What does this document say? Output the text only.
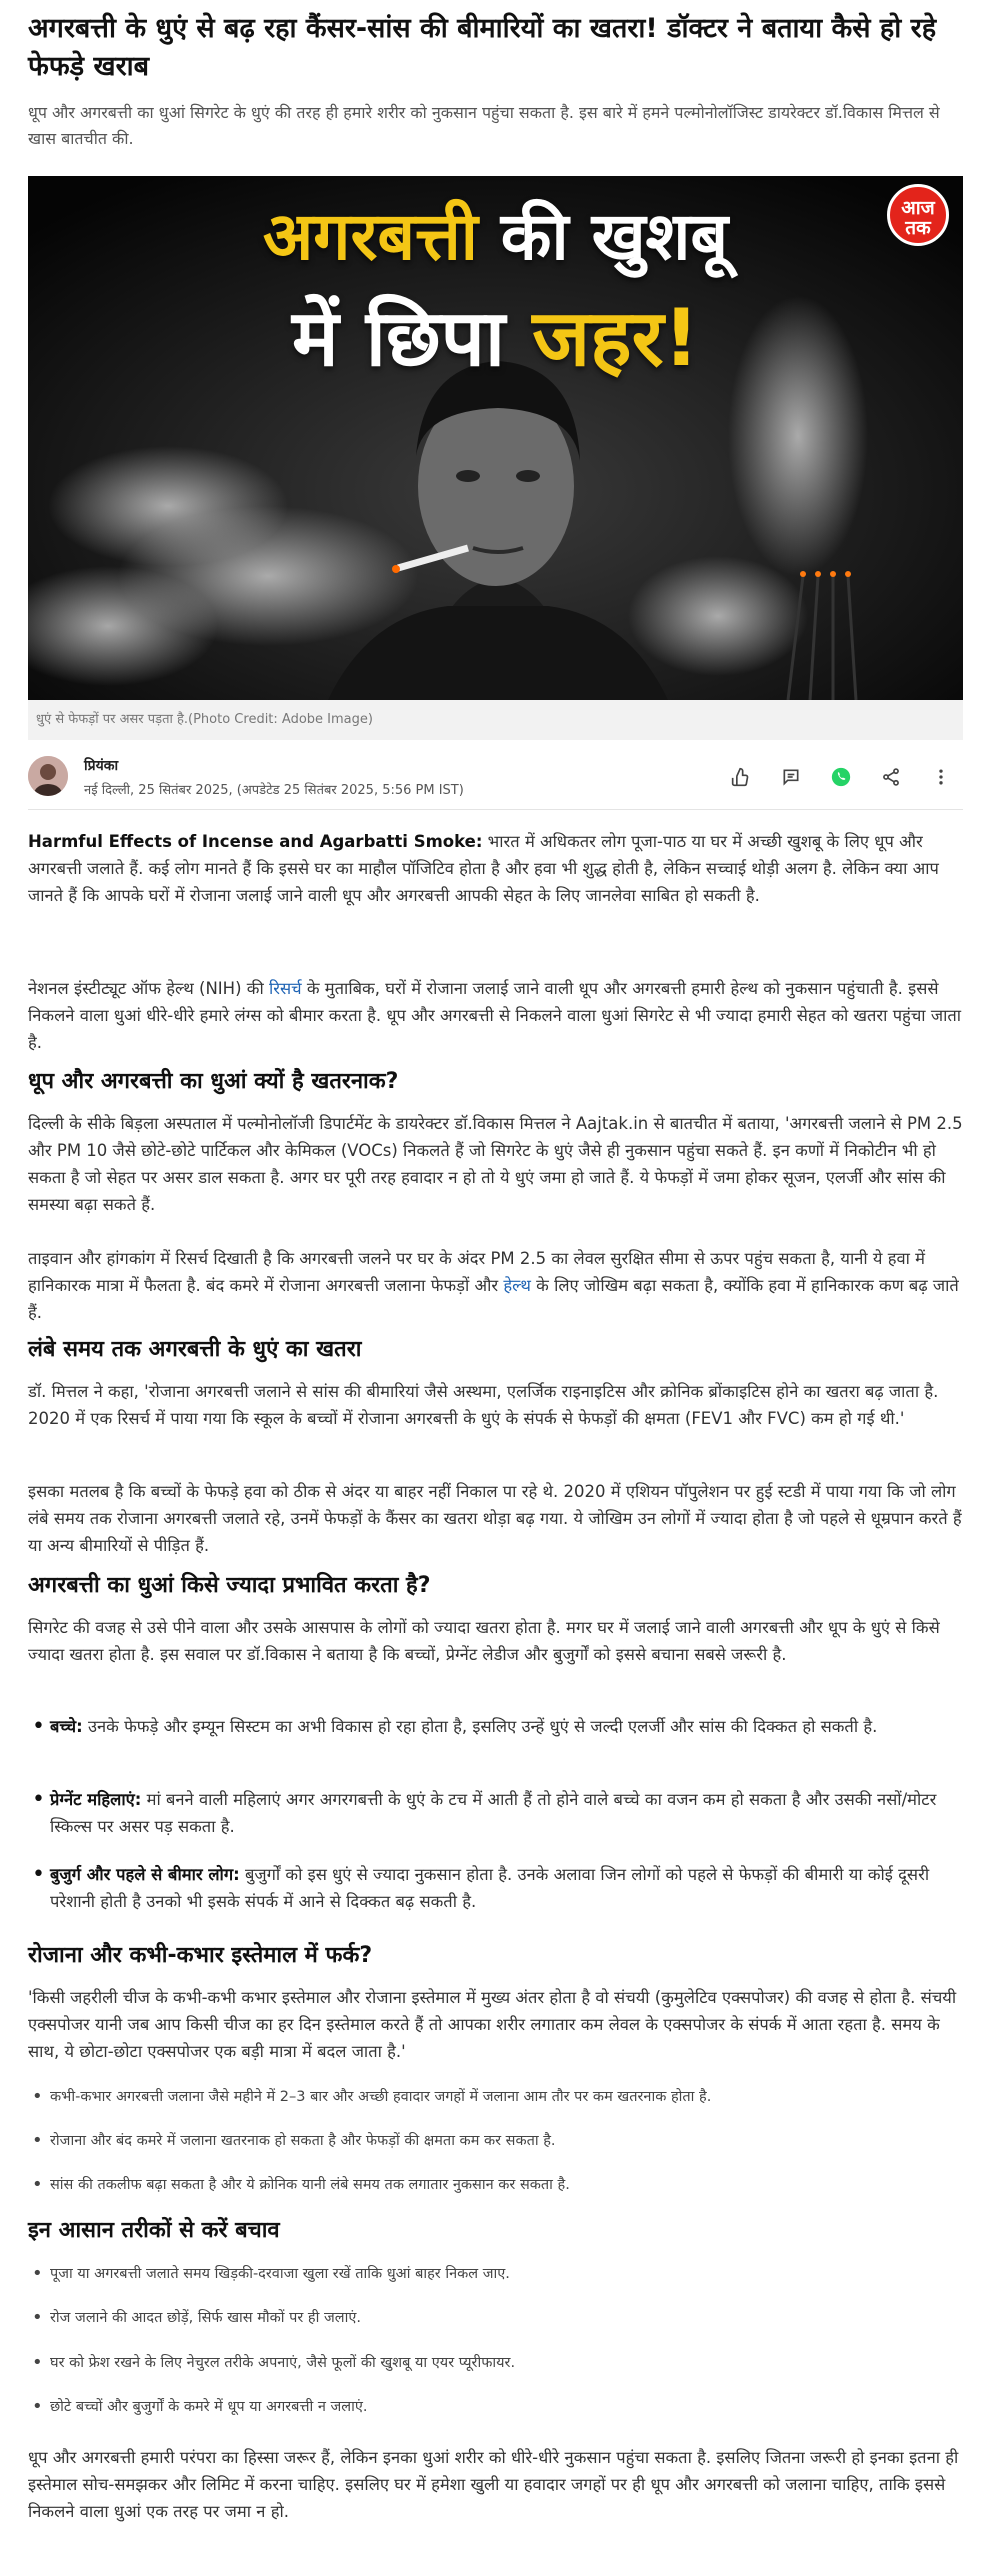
अगरबत्ती के धुएं से बढ़ रहा कैंसर-सांस की बीमारियों का खतरा! डॉक्टर ने बताया कैसे हो रहे फेफड़े खराब

धूप और अगरबत्ती का धुआं सिगरेट के धुएं की तरह ही हमारे शरीर को नुकसान पहुंचा सकता है. इस बारे में हमने पल्मोनोलॉजिस्ट डायरेक्टर डॉ.विकास मित्तल से खास बातचीत की.

अगरबत्ती की खुशबू
में छिपा जहर!
आज
तक
धुएं से फेफड़ों पर असर पड़ता है.(Photo Credit: Adobe Image)
प्रियंका
नई दिल्ली, 25 सितंबर 2025, (अपडेटेड 25 सितंबर 2025, 5:56 PM IST)

Harmful Effects of Incense and Agarbatti Smoke: भारत में अधिकतर लोग पूजा-पाठ या घर में अच्छी खुशबू के लिए धूप और अगरबत्ती जलाते हैं. कई लोग मानते हैं कि इससे घर का माहौल पॉजिटिव होता है और हवा भी शुद्ध होती है, लेकिन सच्चाई थोड़ी अलग है. लेकिन क्या आप जानते हैं कि आपके घरों में रोजाना जलाई जाने वाली धूप और अगरबत्ती आपकी सेहत के लिए जानलेवा साबित हो सकती है.

नेशनल इंस्टीट्यूट ऑफ हेल्थ (NIH) की रिसर्च के मुताबिक, घरों में रोजाना जलाई जाने वाली धूप और अगरबत्ती हमारी हेल्थ को नुकसान पहुंचाती है. इससे निकलने वाला धुआं धीरे-धीरे हमारे लंग्स को बीमार करता है. धूप और अगरबत्ती से निकलने वाला धुआं सिगरेट से भी ज्यादा हमारी सेहत को खतरा पहुंचा जाता है.

धूप और अगरबत्ती का धुआं क्यों है खतरनाक?

दिल्ली के सीके बिड़ला अस्पताल में पल्मोनोलॉजी डिपार्टमेंट के डायरेक्टर डॉ.विकास मित्तल ने Aajtak.in से बातचीत में बताया, 'अगरबत्ती जलाने से PM 2.5 और PM 10 जैसे छोटे-छोटे पार्टिकल और केमिकल (VOCs) निकलते हैं जो सिगरेट के धुएं जैसे ही नुकसान पहुंचा सकते हैं. इन कणों में निकोटीन भी हो सकता है जो सेहत पर असर डाल सकता है. अगर घर पूरी तरह हवादार न हो तो ये धुएं जमा हो जाते हैं. ये फेफड़ों में जमा होकर सूजन, एलर्जी और सांस की समस्या बढ़ा सकते हैं.

ताइवान और हांगकांग में रिसर्च दिखाती है कि अगरबत्ती जलने पर घर के अंदर PM 2.5 का लेवल सुरक्षित सीमा से ऊपर पहुंच सकता है, यानी ये हवा में हानिकारक मात्रा में फैलता है. बंद कमरे में रोजाना अगरबत्ती जलाना फेफड़ों और हेल्थ के लिए जोखिम बढ़ा सकता है, क्योंकि हवा में हानिकारक कण बढ़ जाते हैं.

लंबे समय तक अगरबत्ती के धुएं का खतरा

डॉ. मित्तल ने कहा, 'रोजाना अगरबत्ती जलाने से सांस की बीमारियां जैसे अस्थमा, एलर्जिक राइनाइटिस और क्रोनिक ब्रोंकाइटिस होने का खतरा बढ़ जाता है. 2020 में एक रिसर्च में पाया गया कि स्कूल के बच्चों में रोजाना अगरबत्ती के धुएं के संपर्क से फेफड़ों की क्षमता (FEV1 और FVC) कम हो गई थी.'

इसका मतलब है कि बच्चों के फेफड़े हवा को ठीक से अंदर या बाहर नहीं निकाल पा रहे थे. 2020 में एशियन पॉपुलेशन पर हुई स्टडी में पाया गया कि जो लोग लंबे समय तक रोजाना अगरबत्ती जलाते रहे, उनमें फेफड़ों के कैंसर का खतरा थोड़ा बढ़ गया. ये जोखिम उन लोगों में ज्यादा होता है जो पहले से धूम्रपान करते हैं या अन्य बीमारियों से पीड़ित हैं.

अगरबत्ती का धुआं किसे ज्यादा प्रभावित करता है?

सिगरेट की वजह से उसे पीने वाला और उसके आसपास के लोगों को ज्यादा खतरा होता है. मगर घर में जलाई जाने वाली अगरबत्ती और धूप के धुएं से किसे ज्यादा खतरा होता है. इस सवाल पर डॉ.विकास ने बताया है कि बच्चों, प्रेग्नेंट लेडीज और बुजुर्गों को इससे बचाना सबसे जरूरी है.

• बच्चे: उनके फेफड़े और इम्यून सिस्टम का अभी विकास हो रहा होता है, इसलिए उन्हें धुएं से जल्दी एलर्जी और सांस की दिक्कत हो सकती है.
• प्रेग्नेंट महिलाएं: मां बनने वाली महिलाएं अगर अगरगबत्ती के धुएं के टच में आती हैं तो होने वाले बच्चे का वजन कम हो सकता है और उसकी नसों/मोटर स्किल्स पर असर पड़ सकता है.
• बुजुर्ग और पहले से बीमार लोग: बुजुर्गों को इस धुएं से ज्यादा नुकसान होता है. उनके अलावा जिन लोगों को पहले से फेफड़ों की बीमारी या कोई दूसरी परेशानी होती है उनको भी इसके संपर्क में आने से दिक्कत बढ़ सकती है.
रोजाना और कभी-कभार इस्तेमाल में फर्क?

'किसी जहरीली चीज के कभी-कभी कभार इस्तेमाल और रोजाना इस्तेमाल में मुख्य अंतर होता है वो संचयी (कुमुलेटिव एक्सपोजर) की वजह से होता है. संचयी एक्सपोजर यानी जब आप किसी चीज का हर दिन इस्तेमाल करते हैं तो आपका शरीर लगातार कम लेवल के एक्सपोजर के संपर्क में आता रहता है. समय के साथ, ये छोटा-छोटा एक्सपोजर एक बड़ी मात्रा में बदल जाता है.'

• कभी-कभार अगरबत्ती जलाना जैसे महीने में 2–3 बार और अच्छी हवादार जगहों में जलाना आम तौर पर कम खतरनाक होता है.
• रोजाना और बंद कमरे में जलाना खतरनाक हो सकता है और फेफड़ों की क्षमता कम कर सकता है.
• सांस की तकलीफ बढ़ा सकता है और ये क्रोनिक यानी लंबे समय तक लगातार नुकसान कर सकता है.
इन आसान तरीकों से करें बचाव
• पूजा या अगरबत्ती जलाते समय खिड़की-दरवाजा खुला रखें ताकि धुआं बाहर निकल जाए.
• रोज जलाने की आदत छोड़ें, सिर्फ खास मौकों पर ही जलाएं.
• घर को फ्रेश रखने के लिए नेचुरल तरीके अपनाएं, जैसे फूलों की खुशबू या एयर प्यूरीफायर.
• छोटे बच्चों और बुजुर्गों के कमरे में धूप या अगरबत्ती न जलाएं.

धूप और अगरबत्ती हमारी परंपरा का हिस्सा जरूर हैं, लेकिन इनका धुआं शरीर को धीरे-धीरे नुकसान पहुंचा सकता है. इसलिए जितना जरूरी हो इनका इतना ही इस्तेमाल सोच-समझकर और लिमिट में करना चाहिए. इसलिए घर में हमेशा खुली या हवादार जगहों पर ही धूप और अगरबत्ती को जलाना चाहिए, ताकि इससे निकलने वाला धुआं एक तरह पर जमा न हो.
